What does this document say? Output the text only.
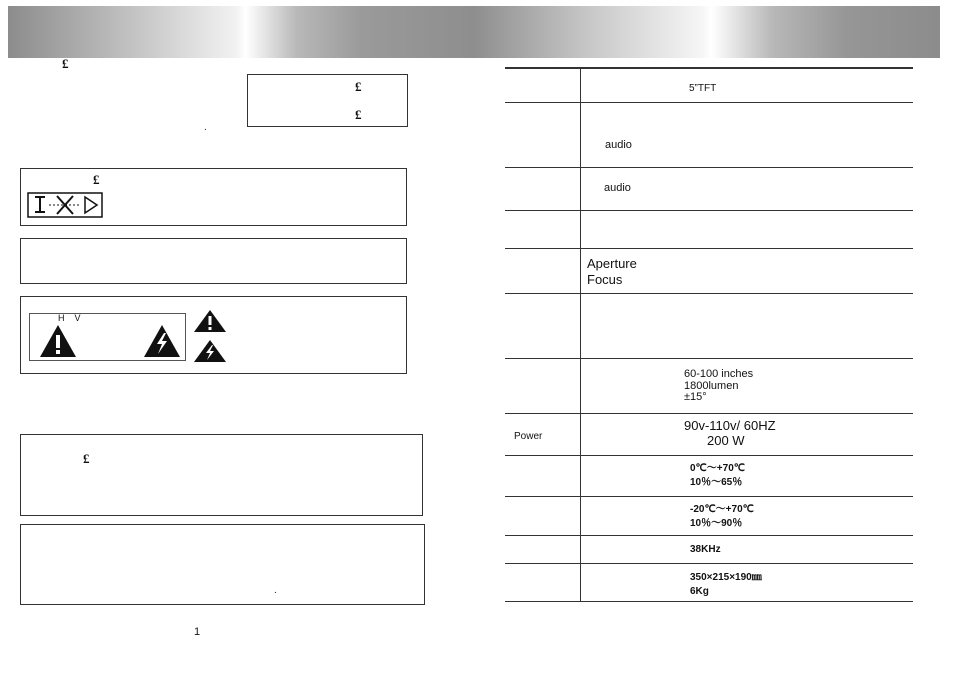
£
£
£
.
£
H    V
£
.
1
5”TFT
audio
audio
Aperture
Focus
60-100 inches
1800lumen
±15°
Power
90v-110v/ 60HZ
200 W
0℃～+70℃
10％～65％
-20℃～+70℃
10％～90％
38KHz
350×215×190㎜
6Kg
